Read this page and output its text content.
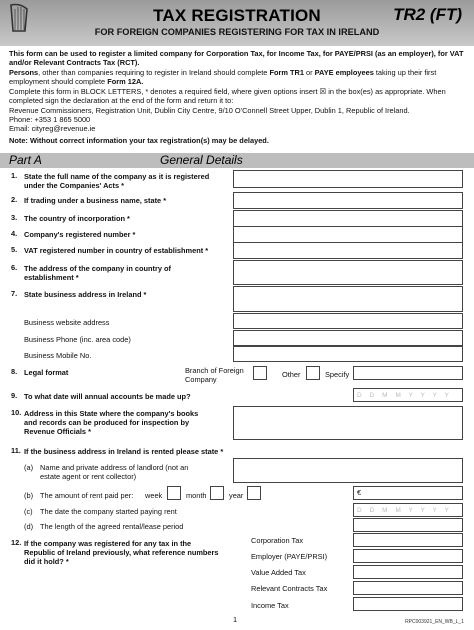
TAX REGISTRATION	TR2 (FT)
FOR FOREIGN COMPANIES REGISTERING FOR TAX IN IRELAND
This form can be used to register a limited company for Corporation Tax, for Income Tax, for PAYE/PRSI (as an employer), for VAT and/or Relevant Contracts Tax (RCT).
Persons, other than companies requiring to register in Ireland should complete Form TR1 or PAYE employees taking up their first employment should complete Form 12A.
Complete this form in BLOCK LETTERS, * denotes a required field, where given options insert ☒ in the box(es) as appropriate. When completed sign the declaration at the end of the form and return it to:
Revenue Commissioners, Registration Unit, Dublin City Centre, 9/10 O'Connell Street Upper, Dublin 1, Republic of Ireland.
Phone: +353 1 865 5000
Email: cityreg@revenue.ie
Note: Without correct information your tax registration(s) may be delayed.
Part A	General Details
1. State the full name of the company as it is registered under the Companies' Acts *
2. If trading under a business name, state *
3. The country of incorporation *
4. Company's registered number *
5. VAT registered number in country of establishment *
6. The address of the company in country of establishment *
7. State business address in Ireland *
Business website address
Business Phone (inc. area code)
Business Mobile No.
8. Legal format	Branch of Foreign Company
Other	Specify
9. To what date will annual accounts be made up?	D D M M Y Y Y Y
10. Address in this State where the company's books and records can be produced for inspection by Revenue Officials *
11. If the business address in Ireland is rented please state *
(a) Name and private address of landlord (not an estate agent or rent collector)
(b) The amount of rent paid per: week	month	year	€
(c) The date the company started paying rent	D D M M Y Y Y Y
(d) The length of the agreed rental/lease period
12. If the company was registered for any tax in the Republic of Ireland previously, what reference numbers did it hold? *
Corporation Tax
Employer (PAYE/PRSI)
Value Added Tax
Relevant Contracts Tax
Income Tax
1	RPC003921_EN_WB_L_1
